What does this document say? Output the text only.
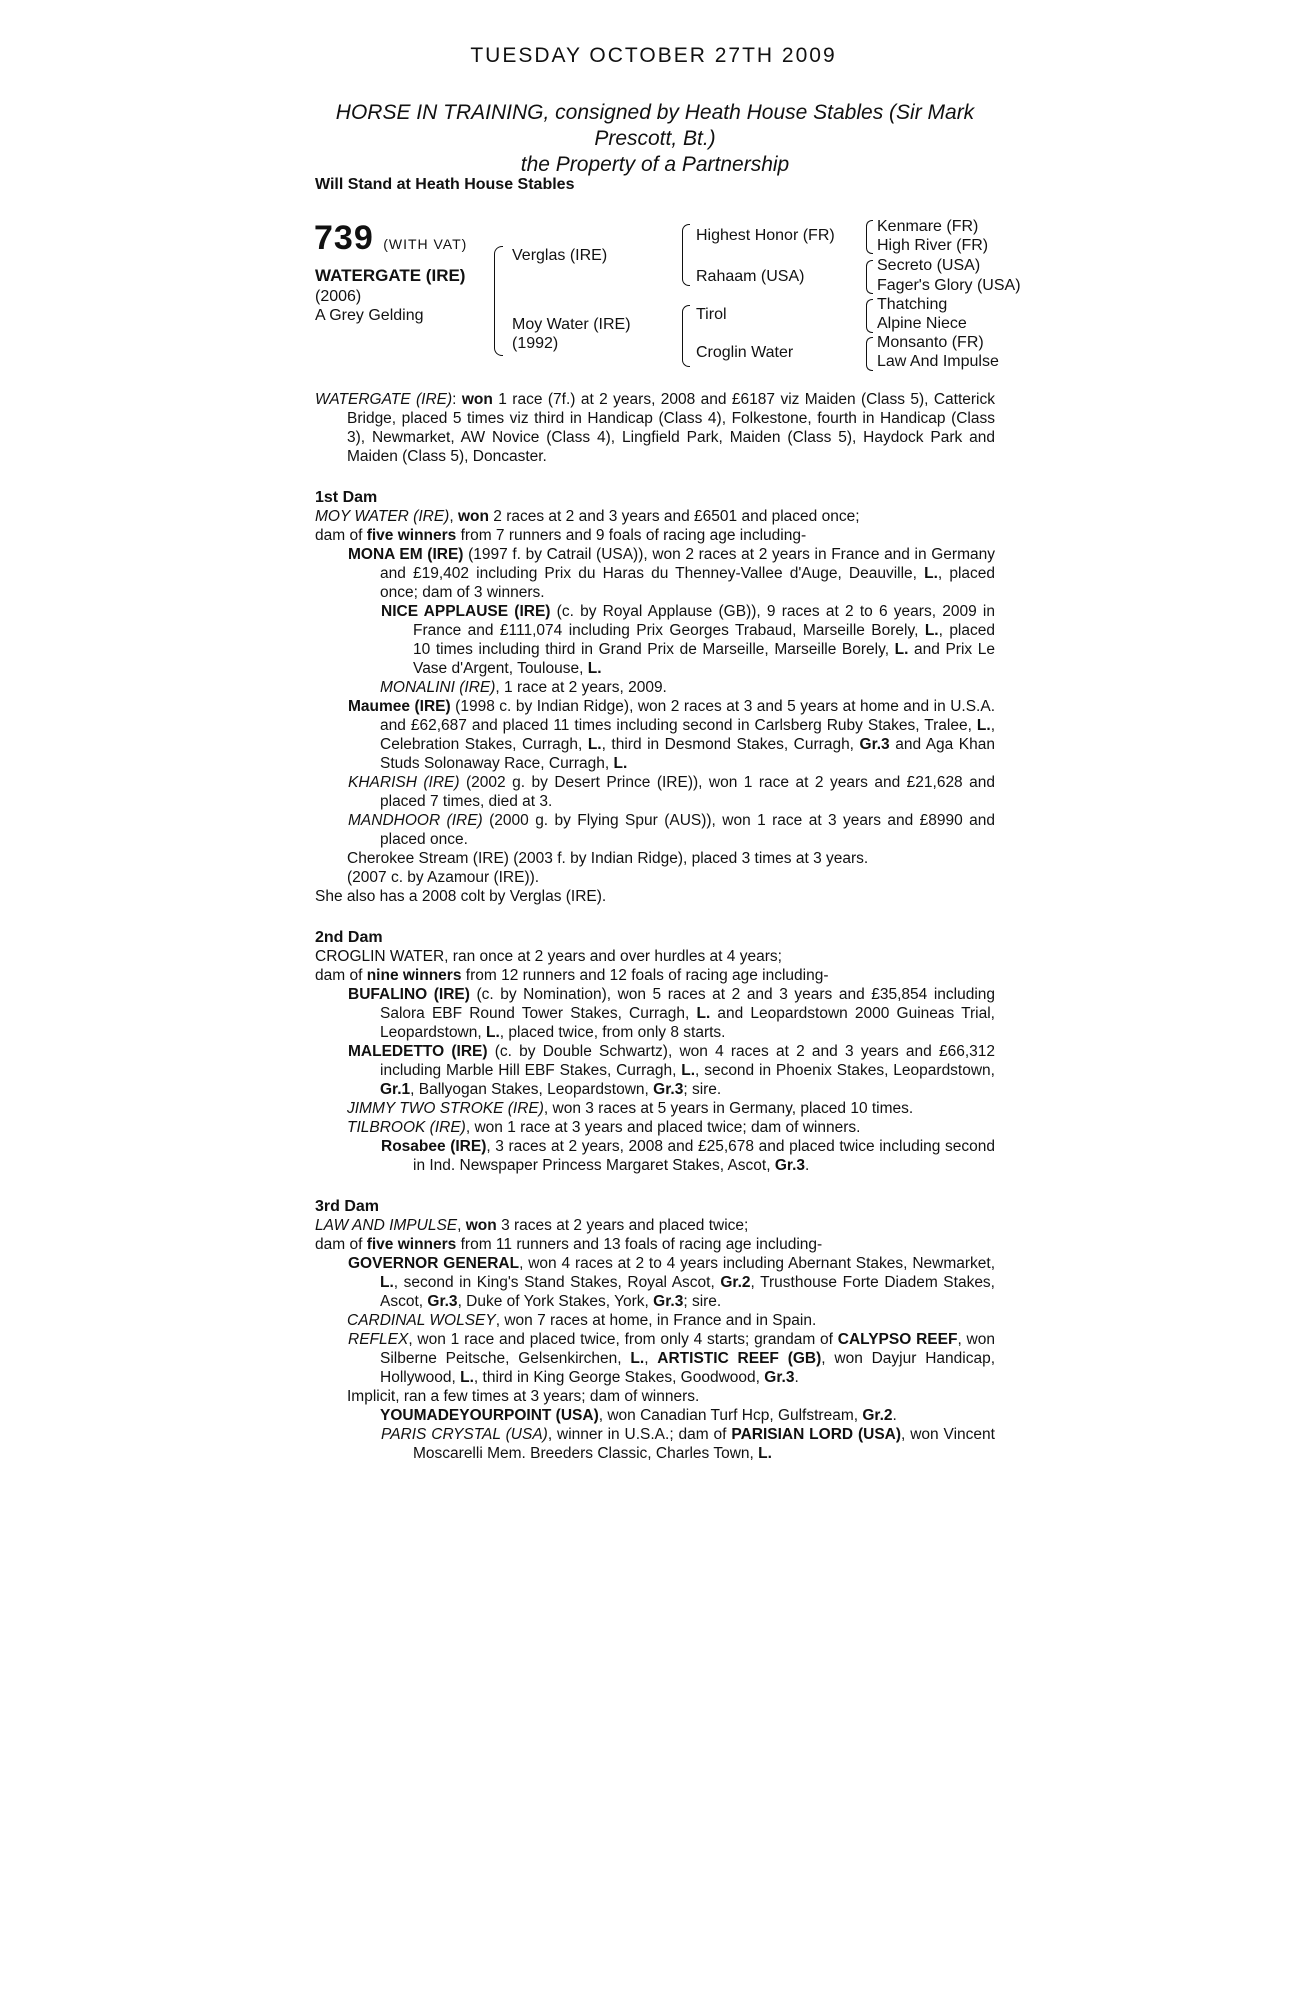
TUESDAY OCTOBER 27TH 2009
HORSE IN TRAINING, consigned by Heath House Stables (Sir Mark
Prescott, Bt.)
the Property of a Partnership
Will Stand at Heath House Stables
739 (WITH VAT)
WATERGATE (IRE)
(2006)
A Grey Gelding
Verglas (IRE)
Moy Water (IRE)
(1992)
Highest Honor (FR)
Rahaam (USA)
Tirol
Croglin Water
Kenmare (FR)
High River (FR)
Secreto (USA)
Fager's Glory (USA)
Thatching
Alpine Niece
Monsanto (FR)
Law And Impulse

WATERGATE (IRE): won 1 race (7f.) at 2 years, 2008 and £6187 viz Maiden (Class 5), Catterick Bridge, placed 5 times viz third in Handicap (Class 4), Folkestone, fourth in Handicap (Class 3), Newmarket, AW Novice (Class 4), Lingfield Park, Maiden (Class 5), Haydock Park and Maiden (Class 5), Doncaster.

1st Dam

MOY WATER (IRE), won 2 races at 2 and 3 years and £6501 and placed once;

dam of five winners from 7 runners and 9 foals of racing age including-

MONA EM (IRE) (1997 f. by Catrail (USA)), won 2 races at 2 years in France and in Germany and £19,402 including Prix du Haras du Thenney-Vallee d'Auge, Deauville, L., placed once; dam of 3 winners.

NICE APPLAUSE (IRE) (c. by Royal Applause (GB)), 9 races at 2 to 6 years, 2009 in France and £111,074 including Prix Georges Trabaud, Marseille Borely, L., placed 10 times including third in Grand Prix de Marseille, Marseille Borely, L. and Prix Le Vase d'Argent, Toulouse, L.

MONALINI (IRE), 1 race at 2 years, 2009.

Maumee (IRE) (1998 c. by Indian Ridge), won 2 races at 3 and 5 years at home and in U.S.A. and £62,687 and placed 11 times including second in Carlsberg Ruby Stakes, Tralee, L., Celebration Stakes, Curragh, L., third in Desmond Stakes, Curragh, Gr.3 and Aga Khan Studs Solonaway Race, Curragh, L.

KHARISH (IRE) (2002 g. by Desert Prince (IRE)), won 1 race at 2 years and £21,628 and placed 7 times, died at 3.

MANDHOOR (IRE) (2000 g. by Flying Spur (AUS)), won 1 race at 3 years and £8990 and placed once.

Cherokee Stream (IRE) (2003 f. by Indian Ridge), placed 3 times at 3 years.

(2007 c. by Azamour (IRE)).

She also has a 2008 colt by Verglas (IRE).

2nd Dam

CROGLIN WATER, ran once at 2 years and over hurdles at 4 years;

dam of nine winners from 12 runners and 12 foals of racing age including-

BUFALINO (IRE) (c. by Nomination), won 5 races at 2 and 3 years and £35,854 including Salora EBF Round Tower Stakes, Curragh, L. and Leopardstown 2000 Guineas Trial, Leopardstown, L., placed twice, from only 8 starts.

MALEDETTO (IRE) (c. by Double Schwartz), won 4 races at 2 and 3 years and £66,312 including Marble Hill EBF Stakes, Curragh, L., second in Phoenix Stakes, Leopardstown, Gr.1, Ballyogan Stakes, Leopardstown, Gr.3; sire.

JIMMY TWO STROKE (IRE), won 3 races at 5 years in Germany, placed 10 times.

TILBROOK (IRE), won 1 race at 3 years and placed twice; dam of winners.

Rosabee (IRE), 3 races at 2 years, 2008 and £25,678 and placed twice including second in Ind. Newspaper Princess Margaret Stakes, Ascot, Gr.3.

3rd Dam

LAW AND IMPULSE, won 3 races at 2 years and placed twice;

dam of five winners from 11 runners and 13 foals of racing age including-

GOVERNOR GENERAL, won 4 races at 2 to 4 years including Abernant Stakes, Newmarket, L., second in King's Stand Stakes, Royal Ascot, Gr.2, Trusthouse Forte Diadem Stakes, Ascot, Gr.3, Duke of York Stakes, York, Gr.3; sire.

CARDINAL WOLSEY, won 7 races at home, in France and in Spain.

REFLEX, won 1 race and placed twice, from only 4 starts; grandam of CALYPSO REEF, won Silberne Peitsche, Gelsenkirchen, L., ARTISTIC REEF (GB), won Dayjur Handicap, Hollywood, L., third in King George Stakes, Goodwood, Gr.3.

Implicit, ran a few times at 3 years; dam of winners.

YOUMADEYOURPOINT (USA), won Canadian Turf Hcp, Gulfstream, Gr.2.

PARIS CRYSTAL (USA), winner in U.S.A.; dam of PARISIAN LORD (USA), won Vincent Moscarelli Mem. Breeders Classic, Charles Town, L.
